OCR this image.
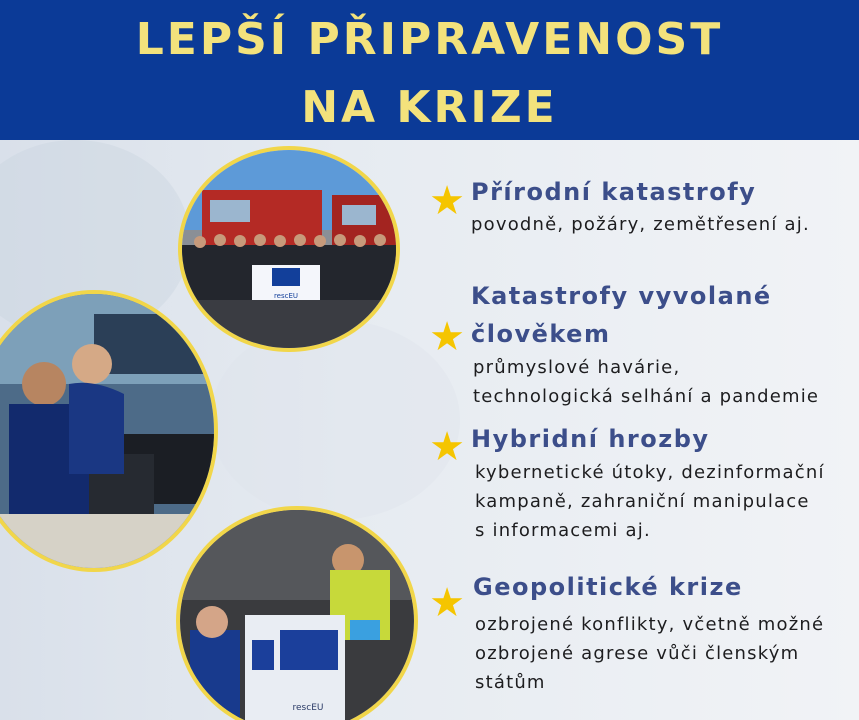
LEPŠÍ PŘIPRAVENOST
NA KRIZE
rescEU
rescEU
★ Přírodní katastrofy
povodně, požáry, zemětřesení aj.
★
Katastrofy vyvolané
člověkem
průmyslové havárie,
technologická selhání a pandemie
★ Hybridní hrozby
kybernetické útoky, dezinformační
kampaně, zahraniční manipulace
s informacemi aj.
★ Geopolitické krize
ozbrojené konflikty, včetně možné
ozbrojené agrese vůči členským
státům
